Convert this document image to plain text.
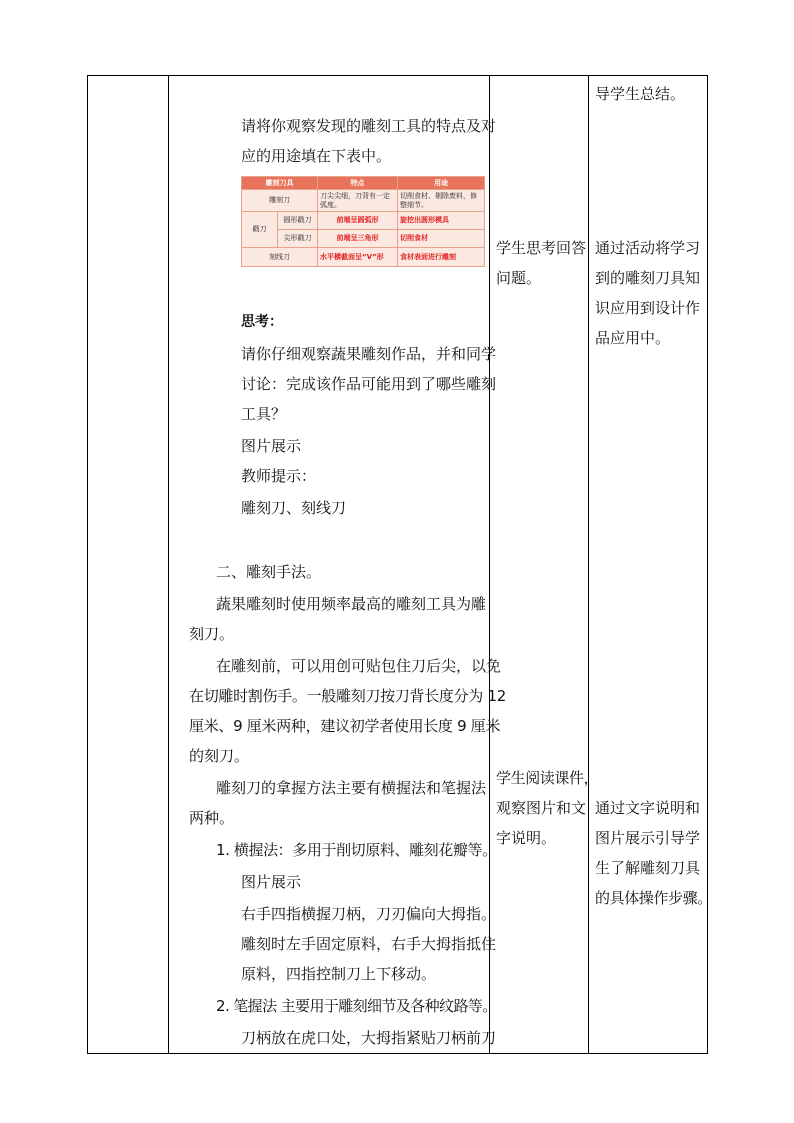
请将你观察发现的雕刻工具的特点及对
应的用途填在下表中。
雕刻刀具		特点	用途
雕刻刀		刀尖尖细，刀背有一定弧度。	切削食材、剔除废料，修整细节。
戳刀	圆形戳刀	前端呈圆弧形	旋挖出圆形模具
	尖形戳刀	前端呈三角形	切削食材
刻线刀		水平横截面呈“V”形	食材表面进行雕刻
思考：
请你仔细观察蔬果雕刻作品，并和同学
讨论：完成该作品可能用到了哪些雕刻
工具？
图片展示
教师提示：
雕刻刀、刻线刀
二、雕刻手法。
蔬果雕刻时使用频率最高的雕刻工具为雕
刻刀。
在雕刻前，可以用创可贴包住刀后尖，以免
在切雕时割伤手。一般雕刻刀按刀背长度分为 12
厘米、9 厘米两种，建议初学者使用长度 9 厘米
的刻刀。
雕刻刀的拿握方法主要有横握法和笔握法
两种。
1. 横握法：多用于削切原料、雕刻花瓣等。
图片展示
右手四指横握刀柄，刀刃偏向大拇指。
雕刻时左手固定原料，右手大拇指抵住
原料，四指控制刀上下移动。
2. 笔握法 主要用于雕刻细节及各种纹路等。
刀柄放在虎口处，大拇指紧贴刀柄前刀
学生思考回答
问题。
学生阅读课件，
观察图片和文
字说明。
导学生总结。
通过活动将学习
到的雕刻刀具知
识应用到设计作
品应用中。
通过文字说明和
图片展示引导学
生了解雕刻刀具
的具体操作步骤。
